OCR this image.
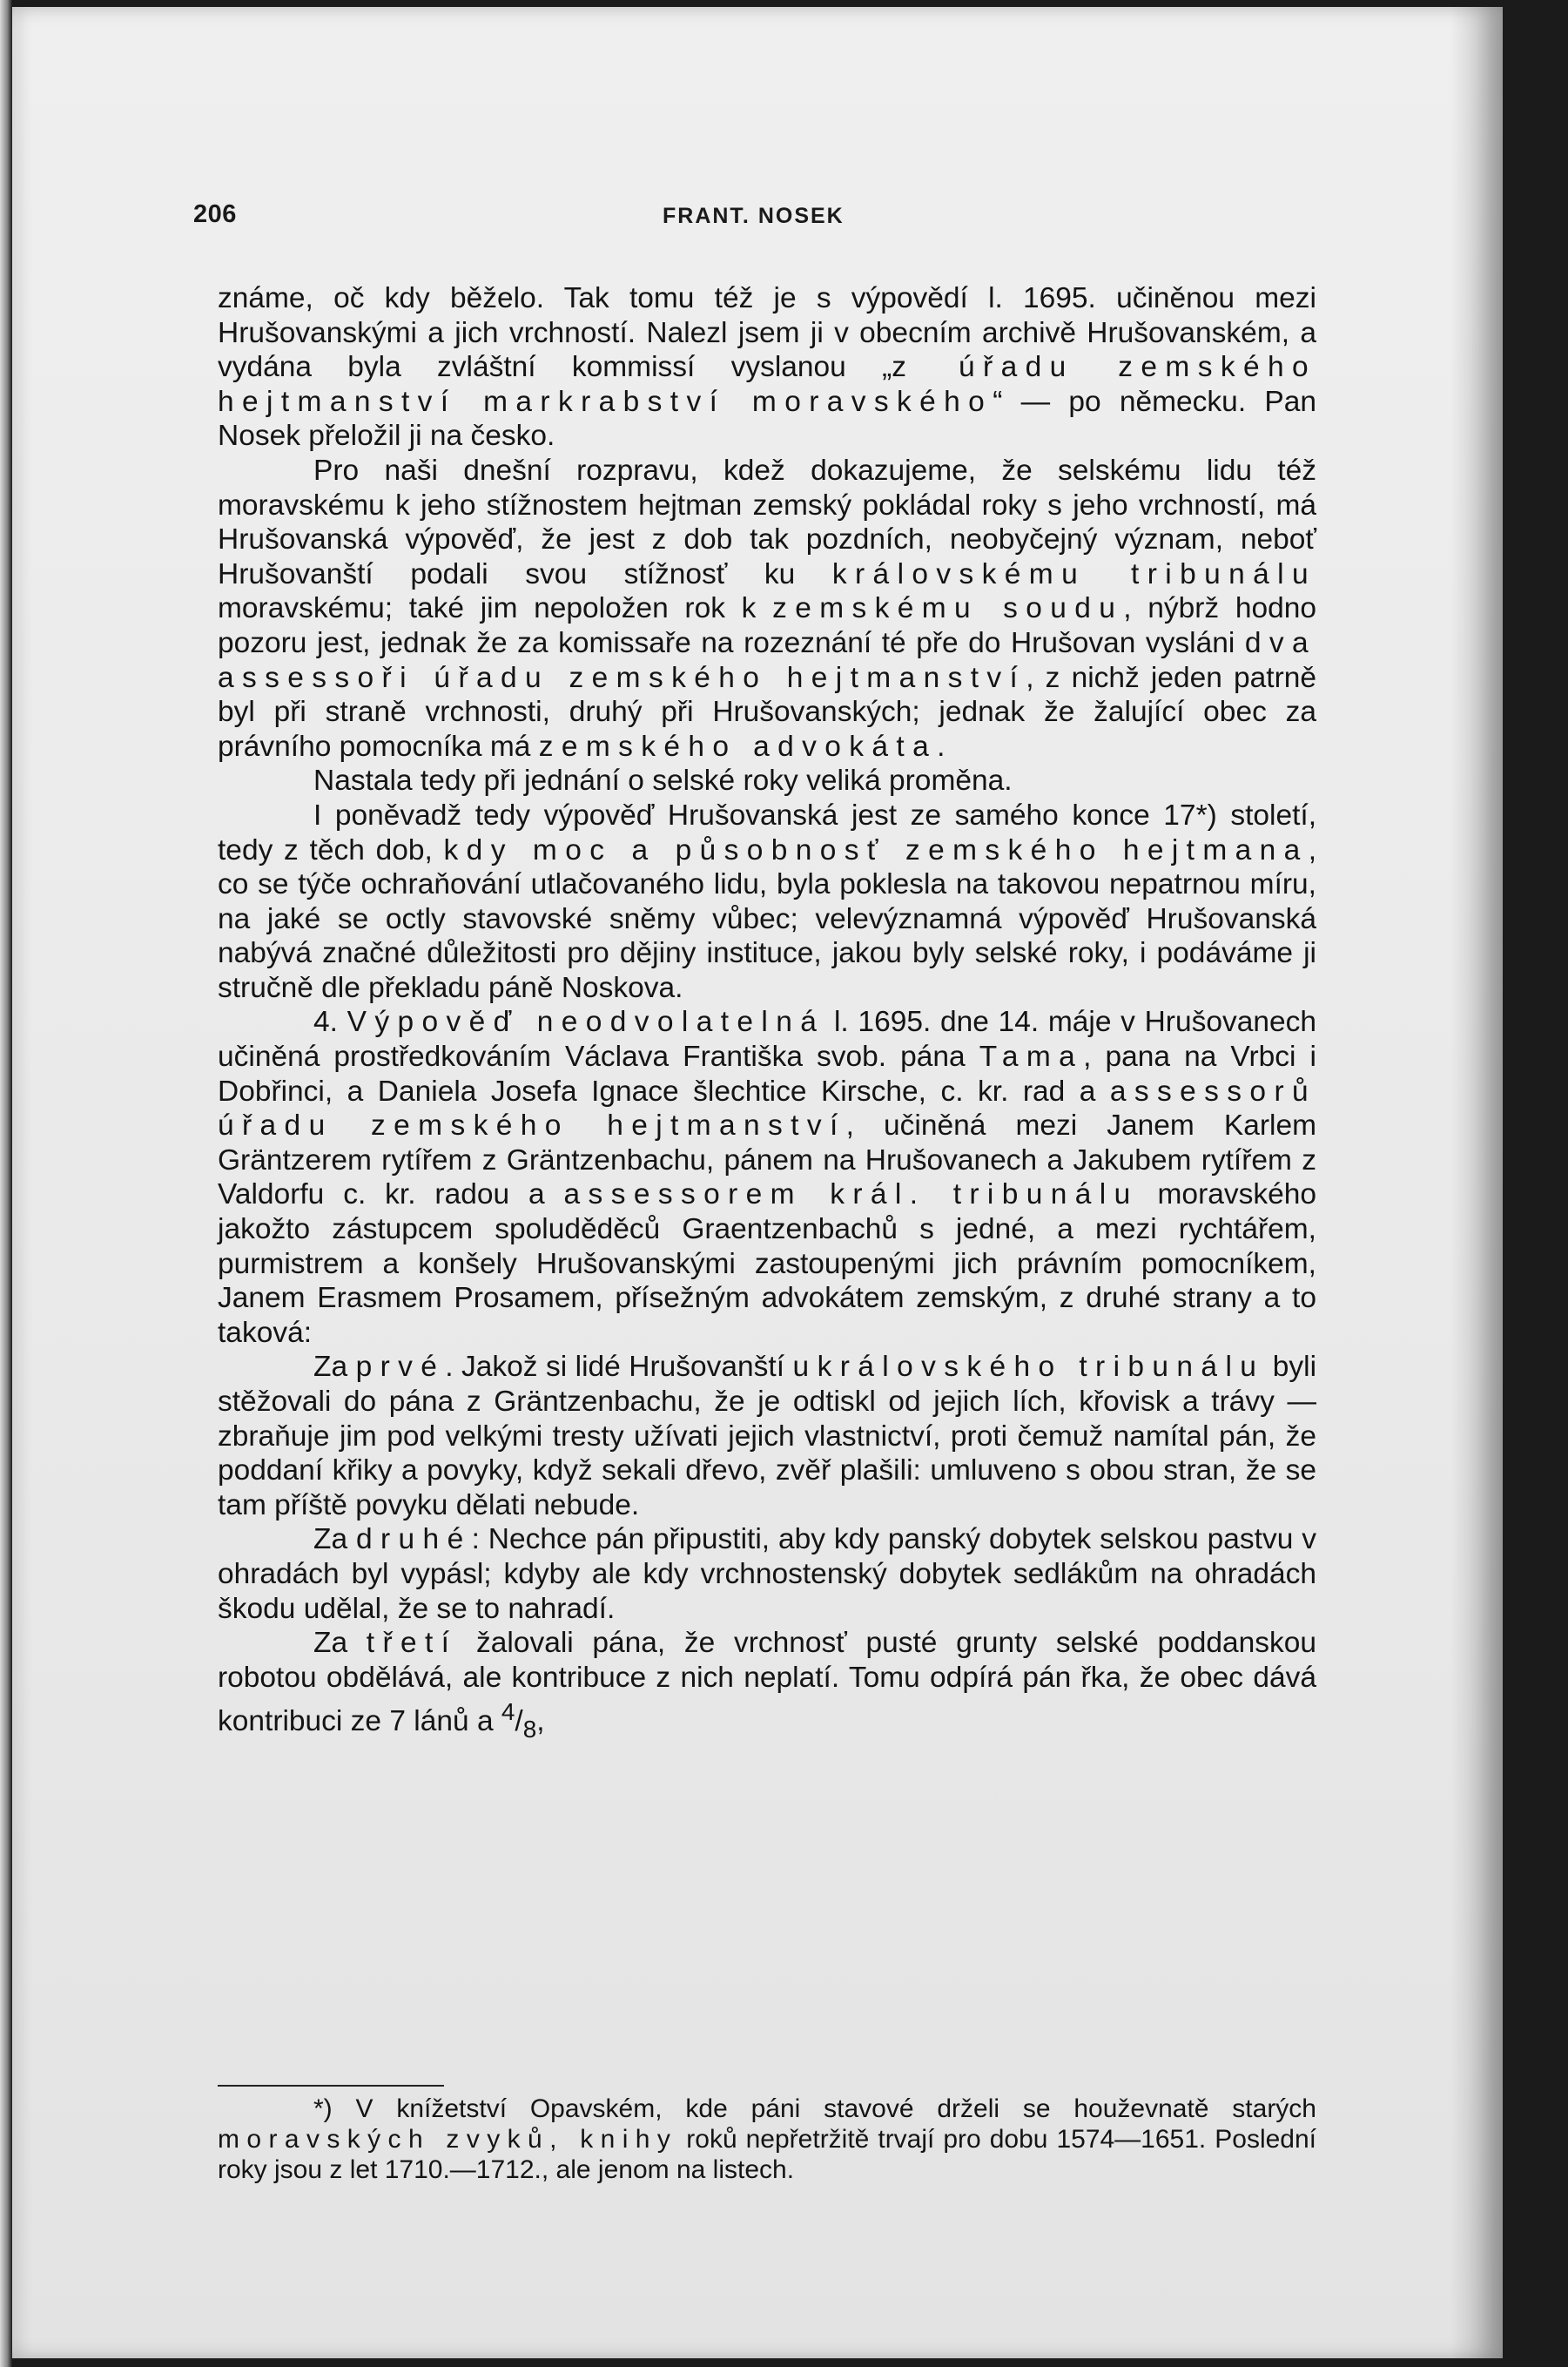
206	FRANT. NOSEK

známe, oč kdy běželo. Tak tomu též je s výpovědí l. 1695. učiněnou mezi Hrušovanskými a jich vrchností. Nalezl jsem ji v obecním archivě Hrušovanském, a vydána byla zvláštní kommissí vyslanou „z úřadu zemského hejtmanství markrabství moravského“ — po německu. Pan Nosek přeložil ji na česko.

Pro naši dnešní rozpravu, kdež dokazujeme, že selskému lidu též moravskému k jeho stížnostem hejtman zemský pokládal roky s jeho vrchností, má Hrušovanská výpověď, že jest z dob tak pozdních, neobyčejný význam, neboť Hrušovanští podali svou stížnosť ku královskému tribunálu moravskému; také jim nepoložen rok k zemskému soudu, nýbrž hodno pozoru jest, jednak že za komissaře na rozeznání té pře do Hrušovan vysláni dva assessoři úřadu zemského hejtmanství, z nichž jeden patrně byl při straně vrchnosti, druhý při Hrušovanských; jednak že žalující obec za právního pomocníka má zemského advokáta.

Nastala tedy při jednání o selské roky veliká proměna.

I poněvadž tedy výpověď Hrušovanská jest ze samého konce 17*) století, tedy z těch dob, kdy moc a působnosť zemského hejtmana, co se týče ochraňování utlačovaného lidu, byla poklesla na takovou nepatrnou míru, na jaké se octly stavovské sněmy vůbec; velevýznamná výpověď Hrušovanská nabývá značné důležitosti pro dějiny instituce, jakou byly selské roky, i podáváme ji stručně dle překladu páně Noskova.

4. Výpověď neodvolatelná l. 1695. dne 14. máje v Hrušovanech učiněná prostředkováním Václava Františka svob. pána Tama, pana na Vrbci i Dobřinci, a Daniela Josefa Ignace šlechtice Kirsche, c. kr. rad a assessorů úřadu zemského hejtmanství, učiněná mezi Janem Karlem Gräntzerem rytířem z Gräntzenbachu, pánem na Hrušovanech a Jakubem rytířem z Valdorfu c. kr. radou a assessorem král. tribunálu moravského jakožto zástupcem spoluděděců Graentzenbachů s jedné, a mezi rychtářem, purmistrem a konšely Hrušovanskými zastoupenými jich právním pomocníkem, Janem Erasmem Prosamem, přísežným advokátem zemským, z druhé strany a to taková:

Za prvé. Jakož si lidé Hrušovanští u královského tribunálu byli stěžovali do pána z Gräntzenbachu, že je odtiskl od jejich lích, křovisk a trávy — zbraňuje jim pod velkými tresty užívati jejich vlastnictví, proti čemuž namítal pán, že poddaní křiky a povyky, když sekali dřevo, zvěř plašili: umluveno s obou stran, že se tam příště povyku dělati nebude.

Za druhé: Nechce pán připustiti, aby kdy panský dobytek selskou pastvu v ohradách byl vypásl; kdyby ale kdy vrchnostenský dobytek sedlákům na ohradách škodu udělal, že se to nahradí.

Za třetí žalovali pána, že vrchnosť pusté grunty selské poddanskou robotou obdělává, ale kontribuce z nich neplatí. Tomu odpírá pán řka, že obec dává kontribuci ze 7 lánů a $^4/_8$,

*) V knížetství Opavském, kde páni stavové drželi se houževnatě starých moravských zvyků, knihy roků nepřetržitě trvají pro dobu 1574—1651. Poslední roky jsou z let 1710.—1712., ale jenom na listech.
